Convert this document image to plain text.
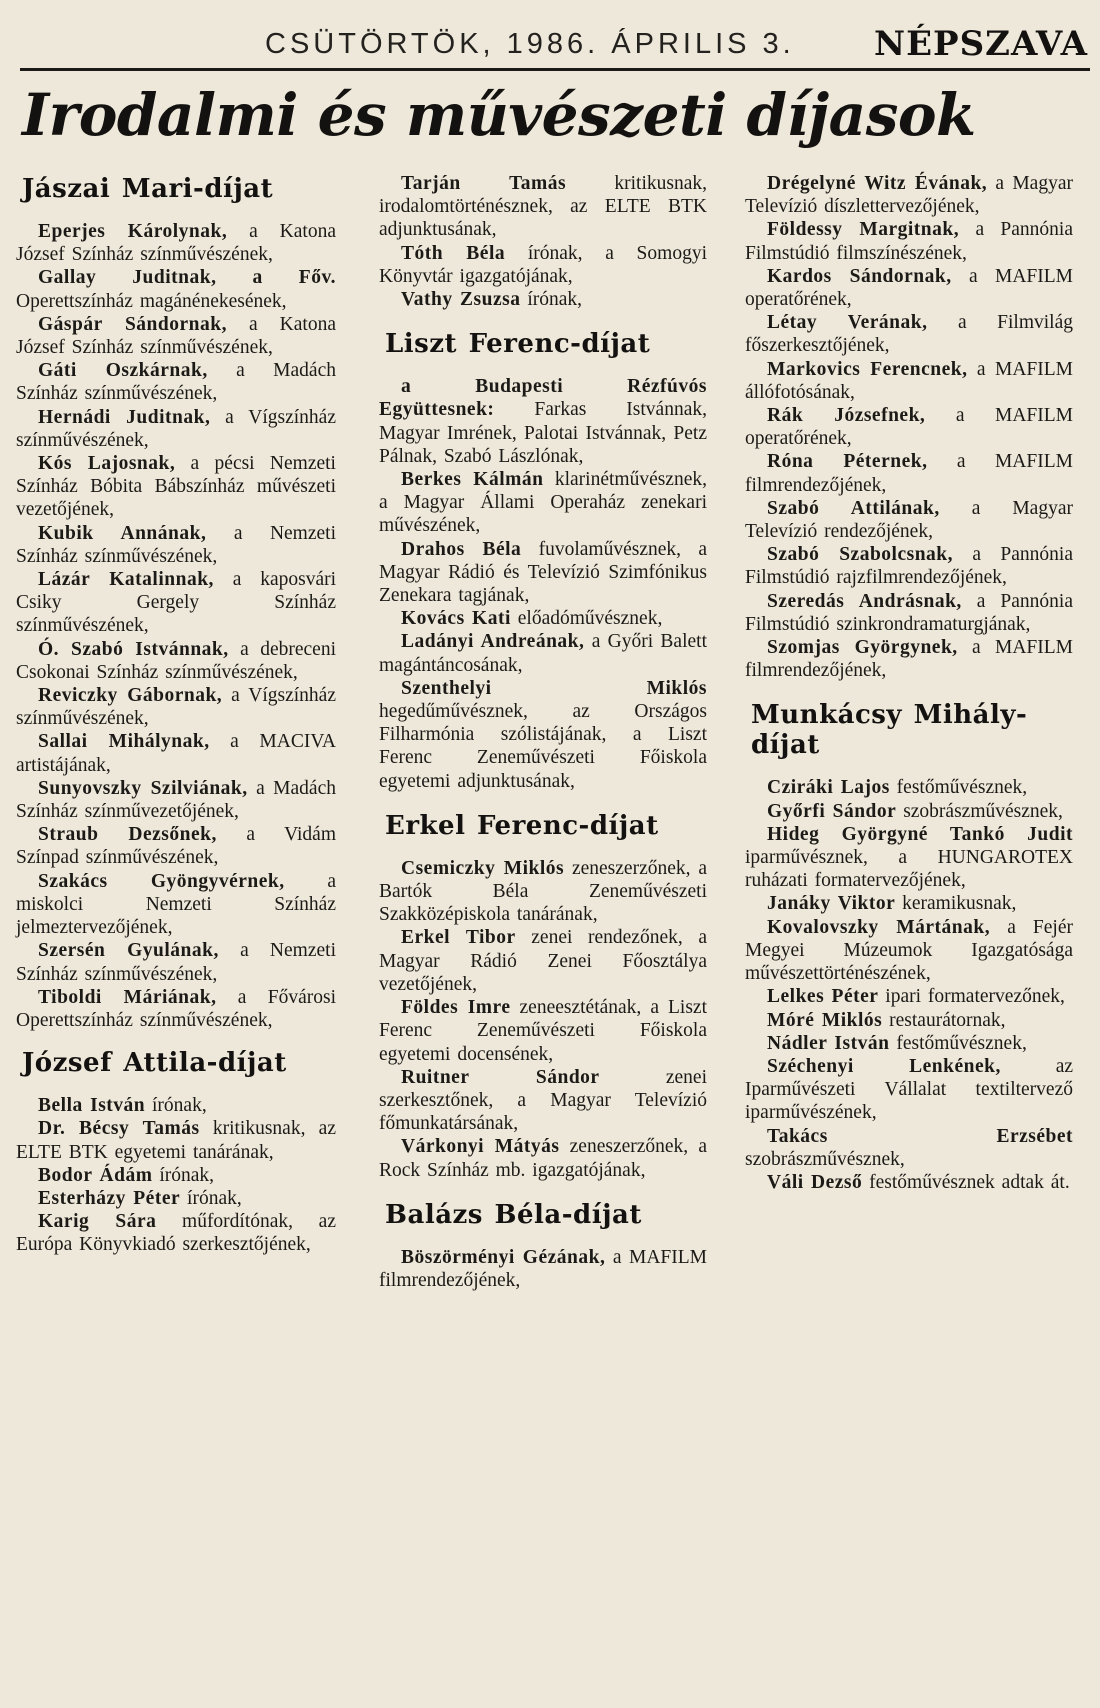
CSÜTÖRTÖK, 1986. ÁPRILIS 3. NÉPSZAVA
Irodalmi és művészeti díjasok
Jászai Mari-díjat
Eperjes Károlynak, a Katona József Színház színművészének,
Gallay Juditnak, a Főv. Operettszínház magánénekesének,
Gáspár Sándornak, a Katona József Színház színművészének,
Gáti Oszkárnak, a Madách Színház színművészének,
Hernádi Juditnak, a Vígszínház színművészének,
Kós Lajosnak, a pécsi Nemzeti Színház Bóbita Bábszínház művészeti vezetőjének,
Kubik Annának, a Nemzeti Színház színművészének,
Lázár Katalinnak, a kaposvári Csiky Gergely Színház színművészének,
Ó. Szabó Istvánnak, a debreceni Csokonai Színház színművészének,
Reviczky Gábornak, a Vígszínház színművészének,
Sallai Mihálynak, a MACIVA artistájának,
Sunyovszky Szilviának, a Madách Színház színművezetőjének,
Straub Dezsőnek, a Vidám Színpad színművészének,
Szakács Gyöngyvérnek, a miskolci Nemzeti Színház jelmeztervezőjének,
Szersén Gyulának, a Nemzeti Színház színművészének,
Tiboldi Máriának, a Fővárosi Operettszínház színművészének,
József Attila-díjat
Bella István írónak,
Dr. Bécsy Tamás kritikusnak, az ELTE BTK egyetemi tanárának,
Bodor Ádám írónak,
Esterházy Péter írónak,
Karig Sára műfordítónak, az Európa Könyvkiadó szerkesztőjének,
Tarján Tamás kritikusnak, irodalomtörténésznek, az ELTE BTK adjunktusának,
Tóth Béla írónak, a Somogyi Könyvtár igazgatójának,
Vathy Zsuzsa írónak,
Liszt Ferenc-díjat
a Budapesti Rézfúvós Együttesnek: Farkas Istvánnak, Magyar Imrének, Palotai Istvánnak, Petz Pálnak, Szabó Lászlónak,
Berkes Kálmán klarinétművésznek, a Magyar Állami Operaház zenekari művészének,
Drahos Béla fuvolaművésznek, a Magyar Rádió és Televízió Szimfónikus Zenekara tagjának,
Kovács Kati előadóművésznek,
Ladányi Andreának, a Győri Balett magántáncosának,
Szenthelyi Miklós hegedűművésznek, az Országos Filharmónia szólistájának, a Liszt Ferenc Zeneművészeti Főiskola egyetemi adjunktusának,
Erkel Ferenc-díjat
Csemiczky Miklós zeneszerzőnek, a Bartók Béla Zeneművészeti Szakközépiskola tanárának,
Erkel Tibor zenei rendezőnek, a Magyar Rádió Zenei Főosztálya vezetőjének,
Földes Imre zeneesztétának, a Liszt Ferenc Zeneművészeti Főiskola egyetemi docensének,
Ruitner Sándor zenei szerkesztőnek, a Magyar Televízió főmunkatársának,
Várkonyi Mátyás zeneszerzőnek, a Rock Színház mb. igazgatójának,
Balázs Béla-díjat
Böszörményi Gézának, a MAFILM filmrendezőjének,
Drégelyné Witz Évának, a Magyar Televízió díszlettervezőjének,
Földessy Margitnak, a Pannónia Filmstúdió filmszínészének,
Kardos Sándornak, a MAFILM operatőrének,
Létay Verának, a Filmvilág főszerkesztőjének,
Markovics Ferencnek, a MAFILM állófotósának,
Rák Józsefnek, a MAFILM operatőrének,
Róna Péternek, a MAFILM filmrendezőjének,
Szabó Attilának, a Magyar Televízió rendezőjének,
Szabó Szabolcsnak, a Pannónia Filmstúdió rajzfilmrendezőjének,
Szeredás Andrásnak, a Pannónia Filmstúdió szinkrondramaturgjának,
Szomjas Györgynek, a MAFILM filmrendezőjének,
Munkácsy Mihály-díjat
Cziráki Lajos festőművésznek,
Győrfi Sándor szobrászművésznek,
Hideg Györgyné Tankó Judit iparművésznek, a HUNGAROTEX ruházati formatervezőjének,
Janáky Viktor keramikusnak,
Kovalovszky Mártának, a Fejér Megyei Múzeumok Igazgatósága művészettörténészének,
Lelkes Péter ipari formatervezőnek,
Móré Miklós restaurátornak,
Nádler István festőművésznek,
Széchenyi Lenkének, az Iparművészeti Vállalat textiltervező iparművészének,
Takács Erzsébet szobrászművésznek,
Váli Dezső festőművésznek adtak át.
